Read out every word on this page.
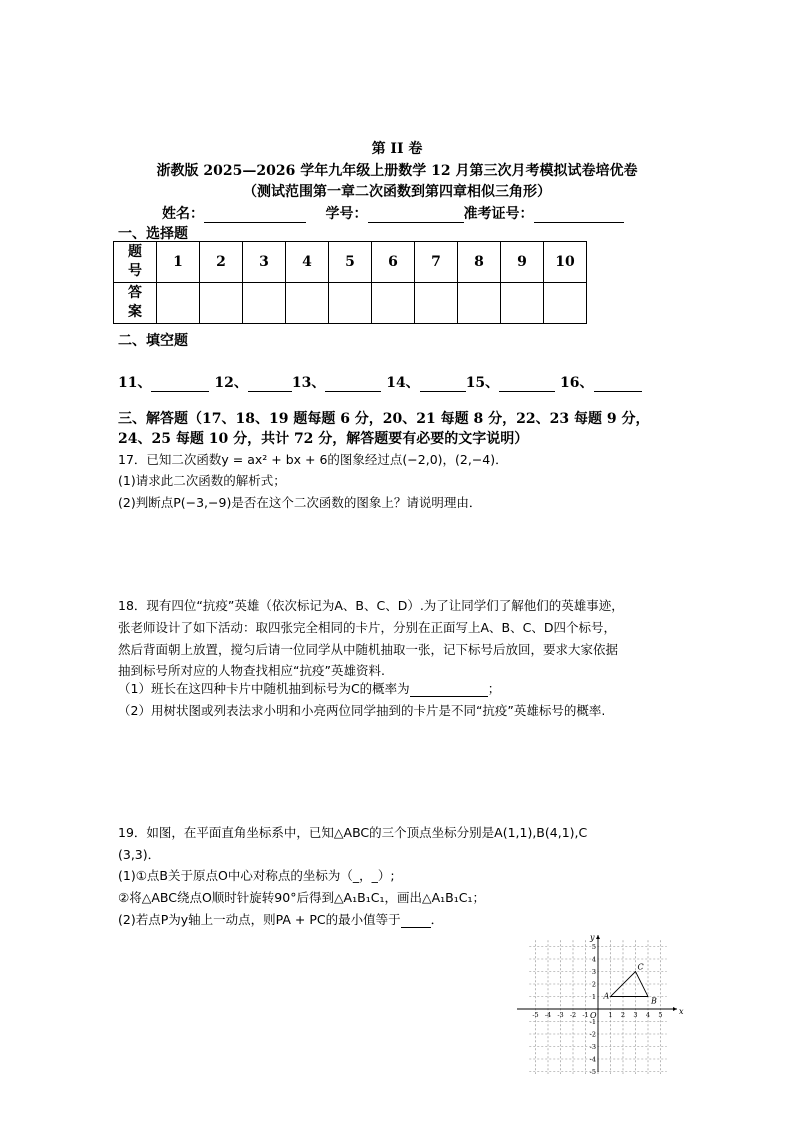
第 II 卷
浙教版 2025—2026 学年九年级上册数学 12 月第三次月考模拟试卷培优卷
（测试范围第一章二次函数到第四章相似三角形）
姓名：	学号：	准考证号：
一、选择题
题
号	1	2	3	4	5	6	7	8	9	10
答
案										
二、填空题
11、	12、	13、	14、	15、	16、
三、解答题（17、18、19 题每题 6 分，20、21 每题 8 分，22、23 每题 9 分，
24、25 每题 10 分，共计 72 分，解答题要有必要的文字说明）
17．已知二次函数y = ax² + bx + 6的图象经过点(−2,0)，(2,−4)．
(1)请求此二次函数的解析式；
(2)判断点P(−3,−9)是否在这个二次函数的图象上？请说明理由．
18．现有四位“抗疫”英雄（依次标记为A、B、C、D）.为了让同学们了解他们的英雄事迹，
张老师设计了如下活动：取四张完全相同的卡片，分别在正面写上A、B、C、D四个标号，
然后背面朝上放置，搅匀后请一位同学从中随机抽取一张，记下标号后放回，要求大家依据
抽到标号所对应的人物查找相应“抗疫”英雄资料.
（1）班长在这四种卡片中随机抽到标号为C的概率为	；
（2）用树状图或列表法求小明和小亮两位同学抽到的卡片是不同“抗疫”英雄标号的概率.
19．如图，在平面直角坐标系中，已知△ABC的三个顶点坐标分别是A(1,1),B(4,1),C
(3,3)．
(1)①点B关于原点O中心对称点的坐标为（_，_）;
②将△ABC绕点O顺时针旋转90°后得到△A₁B₁C₁，画出△A₁B₁C₁；
(2)若点P为y轴上一动点，则PA + PC的最小值等于 ．
x
y
O
-5 -4 -3 -2 -1	1 2 3 4 5
5
4
3
2
1
-1
-2
-3
-4
-5
A
B
C
